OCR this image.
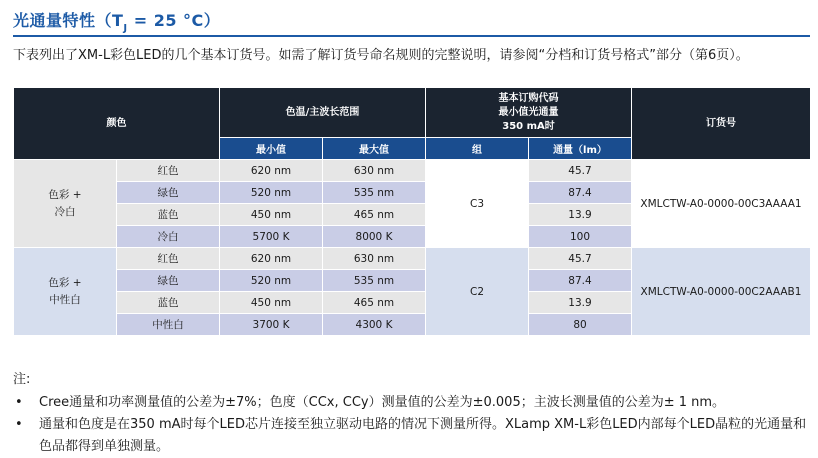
光通量特性（$T_J = 25$ °C）
下表列出了XM-L彩色LED的几个基本订货号。如需了解订货号命名规则的完整说明，请参阅“分档和订货号格式”部分（第6页）。
颜色		色温/主波长范围		基本订购代码
最小值光通量
350 mA时		订货号
		最小值	最大值	组	通量（lm）	

色彩 +
冷白	红色	620 nm	630 nm	C3	45.7	XMLCTW-A0-0000-00C3AAAA1
	绿色	520 nm	535 nm		87.4	
	蓝色	450 nm	465 nm		13.9	
	冷白	5700 K	8000 K		100	

色彩 +
中性白	红色	620 nm	630 nm	C2	45.7	XMLCTW-A0-0000-00C2AAAB1
	绿色	520 nm	535 nm		87.4	
	蓝色	450 nm	465 nm		13.9	
	中性白	3700 K	4300 K		80	
注:
• Cree通量和功率测量值的公差为±7%；色度（CCx, CCy）测量值的公差为±0.005；主波长测量值的公差为± 1 nm。
• 通量和色度是在350 mA时每个LED芯片连接至独立驱动电路的情况下测量所得。XLamp XM-L彩色LED内部每个LED晶粒的光通量和色品都得到单独测量。
